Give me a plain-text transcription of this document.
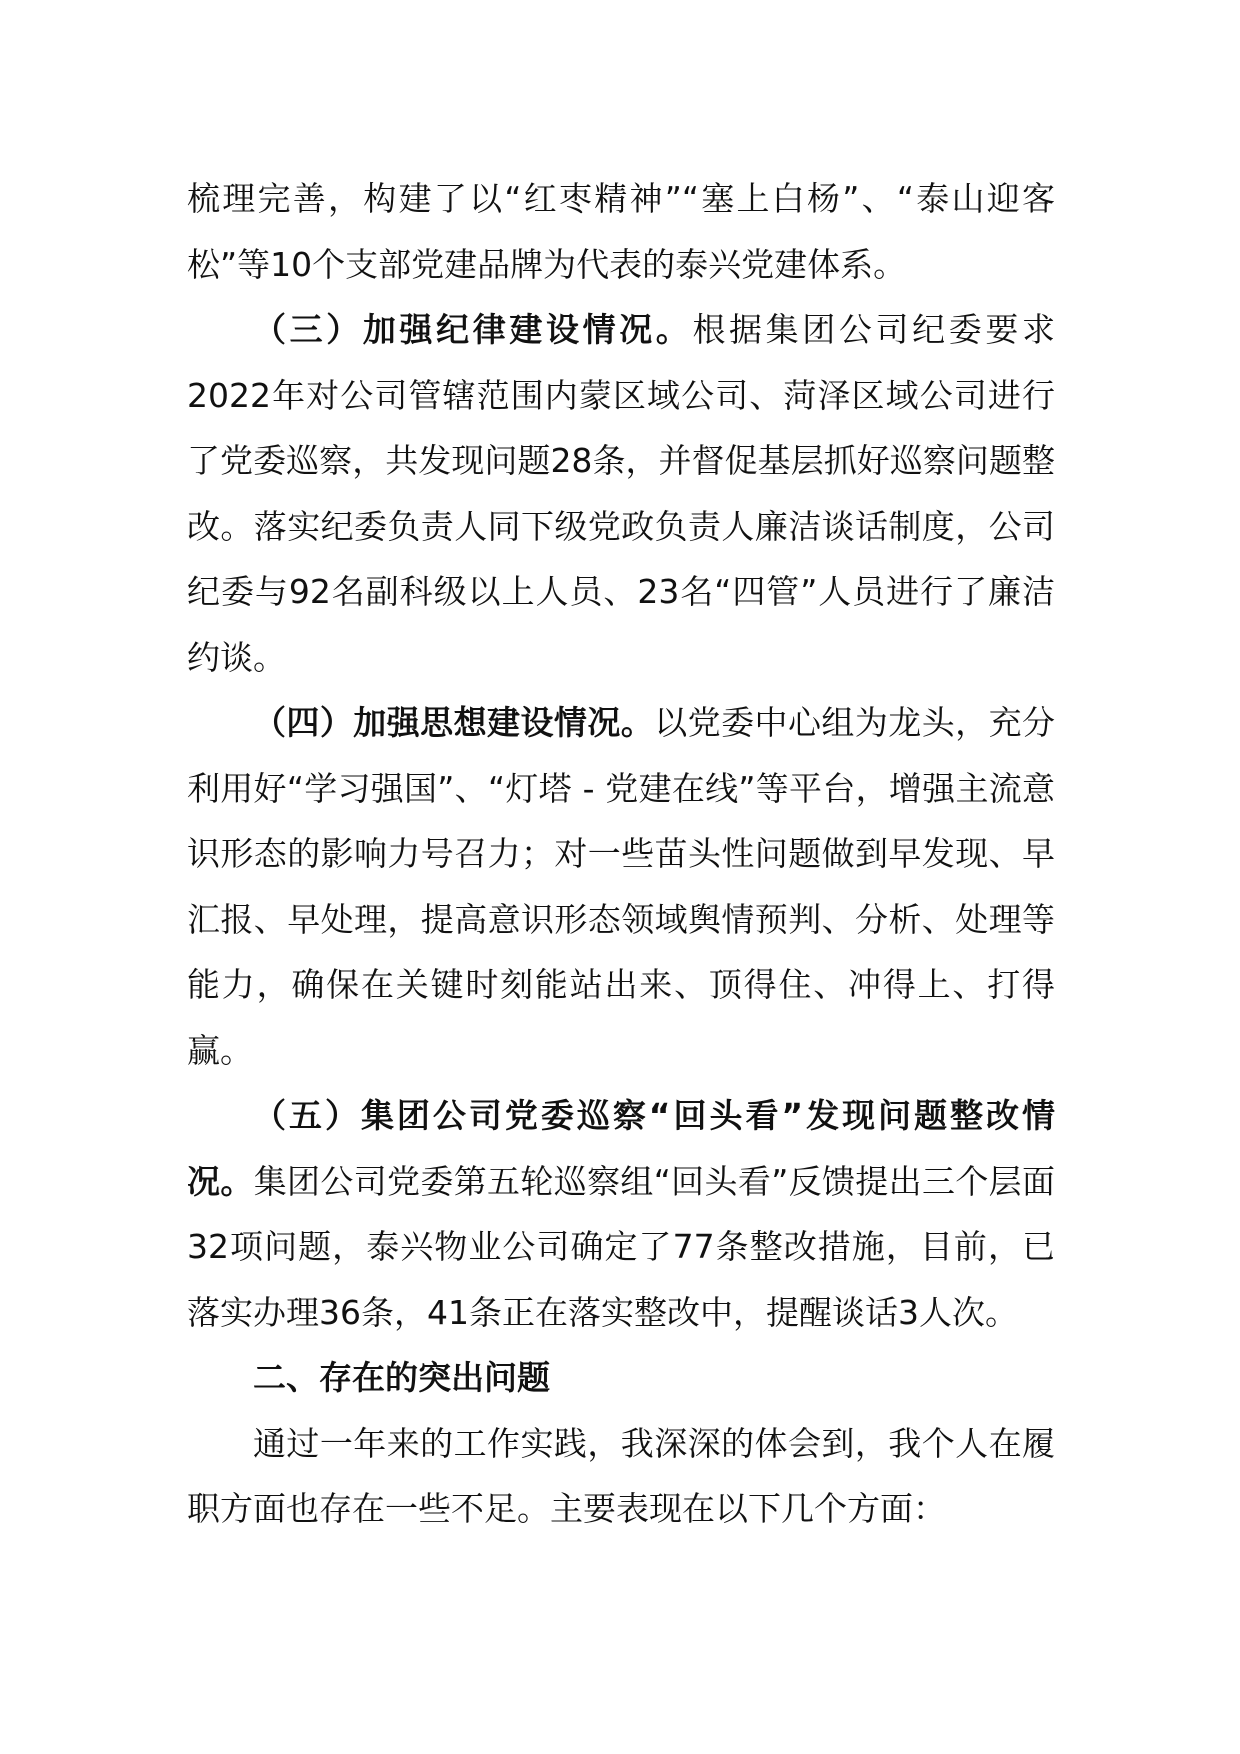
梳理完善，构建了以“红枣精神”“塞上白杨”、“泰山迎客松”等10个支部党建品牌为代表的泰兴党建体系。

（三）加强纪律建设情况。根据集团公司纪委要求2022年对公司管辖范围内蒙区域公司、菏泽区域公司进行了党委巡察，共发现问题28条，并督促基层抓好巡察问题整改。落实纪委负责人同下级党政负责人廉洁谈话制度，公司纪委与92名副科级以上人员、23名“四管”人员进行了廉洁约谈。

（四）加强思想建设情况。以党委中心组为龙头，充分利用好“学习强国”、“灯塔 - 党建在线”等平台，增强主流意识形态的影响力号召力；对一些苗头性问题做到早发现、早汇报、早处理，提高意识形态领域舆情预判、分析、处理等能力，确保在关键时刻能站出来、顶得住、冲得上、打得赢。

（五）集团公司党委巡察“回头看”发现问题整改情况。集团公司党委第五轮巡察组“回头看”反馈提出三个层面32项问题，泰兴物业公司确定了77条整改措施，目前，已落实办理36条，41条正在落实整改中，提醒谈话3人次。

二、存在的突出问题

通过一年来的工作实践，我深深的体会到，我个人在履职方面也存在一些不足。主要表现在以下几个方面：
